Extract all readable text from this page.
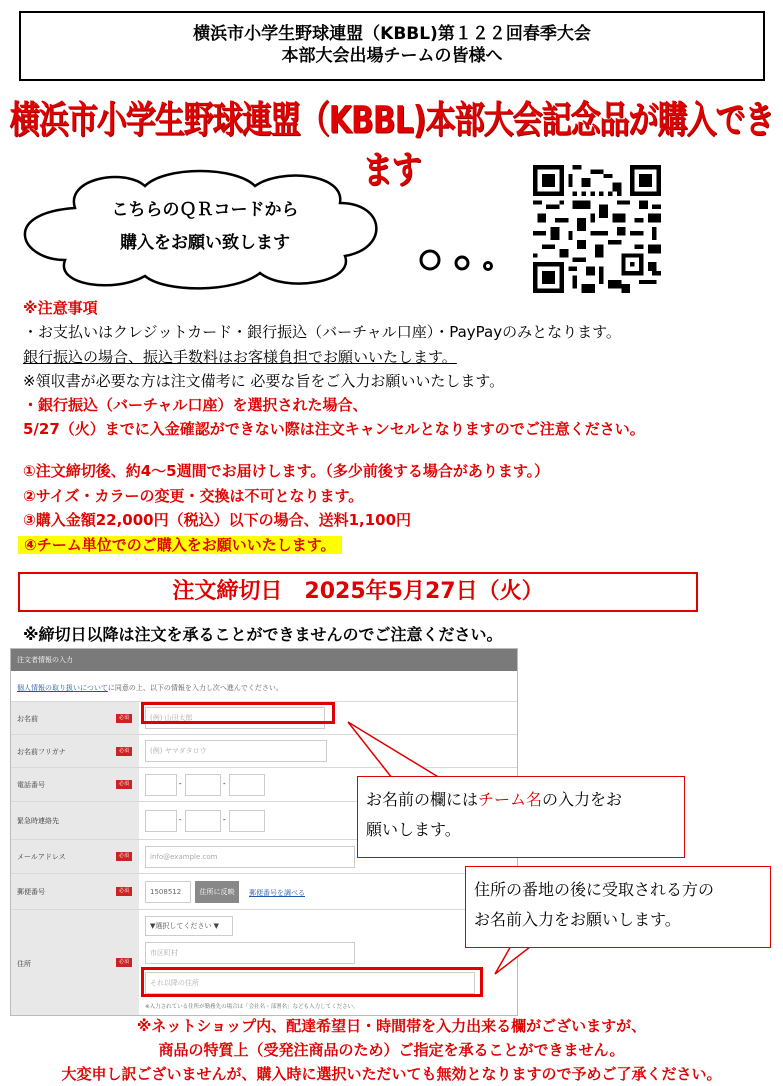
横浜市小学生野球連盟（KBBL)第１２２回春季大会
本部大会出場チームの皆様へ
横浜市小学生野球連盟（KBBL)本部大会記念品が購入できます
こちらのＱＲコードから
購入をお願い致します
※注意事項
・お支払いはクレジットカード・銀行振込（バーチャル口座）・PayPayのみとなります。
銀行振込の場合、振込手数料はお客様負担でお願いいたします。
※領収書が必要な方は注文備考に 必要な旨をご入力お願いいたします。
・銀行振込（バーチャル口座）を選択された場合、
5/27（火）までに入金確認ができない際は注文キャンセルとなりますのでご注意ください。
①注文締切後、約4～5週間でお届けします。（多少前後する場合があります。）
②サイズ・カラーの変更・交換は不可となります。
③購入金額22,000円（税込）以下の場合、送料1,100円
④チーム単位でのご購入をお願いいたします。
注文締切日　2025年5月27日（火）
※締切日以降は注文を承ることができませんのでご注意ください。
注文者情報の入力
個人情報の取り扱いについてに同意の上、以下の情報を入力し次へ進んでください。
お名前	必須	(例) 山田太郎
お名前フリガナ	必須	(例) ヤマダタロウ
電話番号	必須	-	-
緊急時連絡先	-	-
メールアドレス	必須	info@example.com
郵便番号	必須	1508512	住所に反映	郵便番号を調べる
住所	必須
▼選択してください ▼
市区町村
それ以降の住所
※入力されている住所が勤務先の場合は「会社名・部署名」なども入力してください。
お名前の欄にはチーム名の入力をお
願いします。
住所の番地の後に受取される方の
お名前入力をお願いします。
※ネットショップ内、配達希望日・時間帯を入力出来る欄がございますが、
商品の特質上（受発注商品のため）ご指定を承ることができません。
大変申し訳ございませんが、購入時に選択いただいても無効となりますので予めご了承ください。
